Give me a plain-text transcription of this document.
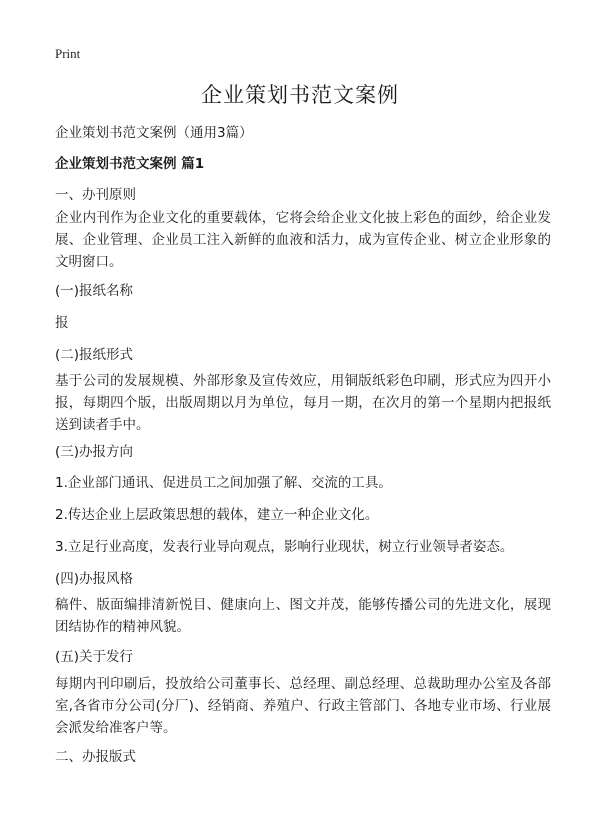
Print
企业策划书范文案例

企业策划书范文案例（通用3篇）

企业策划书范文案例 篇1

一、办刊原则

企业内刊作为企业文化的重要载体，它将会给企业文化披上彩色的面纱，给企业发展、企业管理、企业员工注入新鲜的血液和活力，成为宣传企业、树立企业形象的文明窗口。

(一)报纸名称

报

(二)报纸形式

基于公司的发展规模、外部形象及宣传效应，用铜版纸彩色印刷，形式应为四开小报，每期四个版，出版周期以月为单位，每月一期，在次月的第一个星期内把报纸送到读者手中。

(三)办报方向

1.企业部门通讯、促进员工之间加强了解、交流的工具。

2.传达企业上层政策思想的载体，建立一种企业文化。

3.立足行业高度，发表行业导向观点，影响行业现状，树立行业领导者姿态。

(四)办报风格

稿件、版面编排清新悦目、健康向上、图文并茂，能够传播公司的先进文化，展现团结协作的精神风貌。

(五)关于发行

每期内刊印刷后，投放给公司董事长、总经理、副总经理、总裁助理办公室及各部室,各省市分公司(分厂)、经销商、养殖户、行政主管部门、各地专业市场、行业展会派发给准客户等。

二、办报版式
